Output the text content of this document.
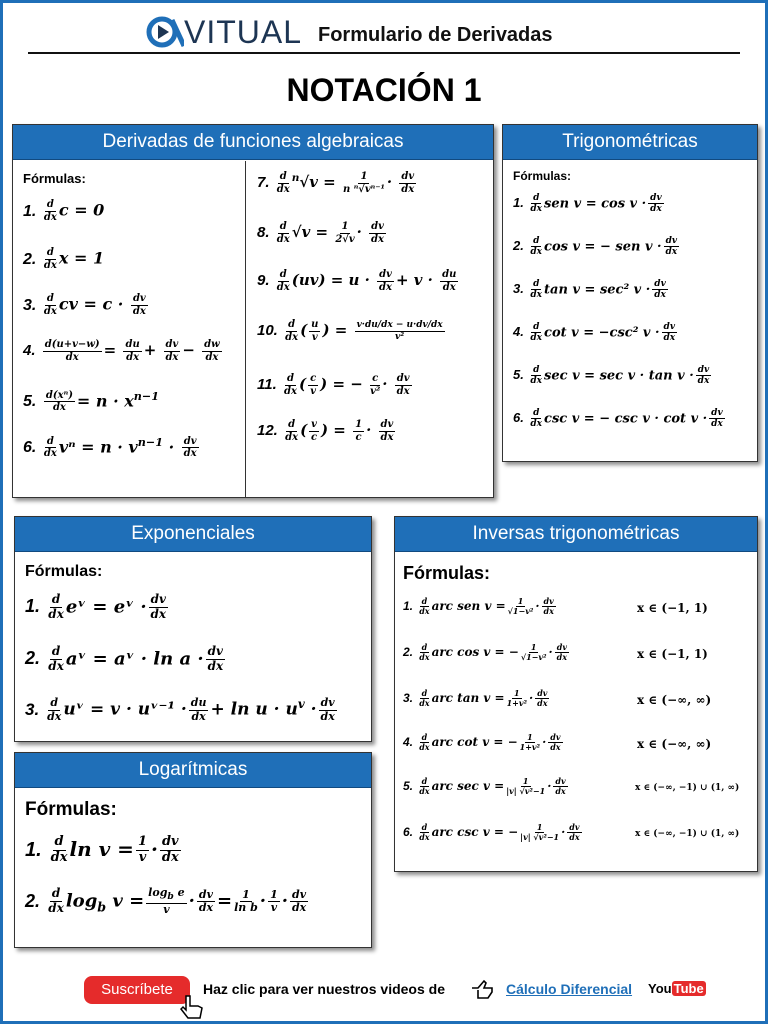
VITUAL Formulario de Derivadas
NOTACIÓN 1
Derivadas de funciones algebraicas
Fórmulas:
1. $\frac{d}{dx}$ c = 0
2. $\frac{d}{dx}$ x = 1
3. $\frac{d}{dx}$ cv = $c \cdot \frac{dv}{dx}$
4. $\frac{d(u+v-w)}{dx} = \frac{du}{dx} + \frac{dv}{dx} - \frac{dw}{dx}$
5. $\frac{\text{d(xⁿ)}}{dx} = n \cdot x^{n-1}$
6. $\frac{d}{dx}$ $v^n = n \cdot v^{n-1} \cdot \frac{dv}{dx}$
7. $\frac{d}{dx} ^n√v = \frac{1}{\text{n ⁿ√vⁿ⁻¹}} \cdot \frac{dv}{dx}$
8. $\frac{d}{dx} √v = \frac{1}{2√v} \cdot \frac{dv}{dx}$
9. $\frac{d}{dx} (uv) = u \cdot \frac{dv}{dx} + v \cdot \frac{du}{dx}$
10. $\frac{d}{dx}$ ( $\frac{u}{v}$ ) = $\frac{v\cdot du/dx - u\cdot dv/dx}{\text{v²}}$
11. $\frac{d}{dx}$ ( $\frac{c}{v}$ ) = − $\frac{c}{\text{v²}} \cdot \frac{dv}{dx}$
12. $\frac{d}{dx}$ ( $\frac{v}{c}$ ) = $\frac{1}{c} \cdot \frac{dv}{dx}$
Trigonométricas
Fórmulas:
1. $\frac{d}{dx}$ sen $v = \cos v \cdot \frac{dv}{dx}$
2. $\frac{d}{dx}$ cos v = − sen $v \cdot \frac{dv}{dx}$
3. $\frac{d}{dx}$ tan v = sec² $v \cdot \frac{dv}{dx}$
4. $\frac{d}{dx}$ cot v = −csc² $v \cdot \frac{dv}{dx}$
5. $\frac{d}{dx}$ $\sec v = \sec v \cdot \tan v \cdot \frac{dv}{dx}$
6. $\frac{d}{dx}$ csc v = − $\csc v \cdot \cot v \cdot \frac{dv}{dx}$
Exponenciales
Fórmulas:
1. $\frac{d}{dx}$ eᵛ = eᵛ · $\frac{dv}{dx}$
2. $\frac{d}{dx}$ aᵛ = aᵛ · $\ln a \cdot \frac{dv}{dx}$
3. $\frac{d}{dx}$ uᵛ = v · uᵛ⁻¹ · $\frac{du}{dx} + \ln u \cdot u^v \cdot \frac{dv}{dx}$
Logarítmicas
Fórmulas:
1. $\frac{d}{dx}$ $\ln v = \frac{1}{v} \cdot \frac{dv}{dx}$
2. $\frac{d}{dx} \log_b v = \frac{\log_b e}{v} \cdot \frac{dv}{dx} = \frac{1}{\text{ln b}} \cdot \frac{1}{v} \cdot \frac{dv}{dx}$
Inversas trigonométricas
Fórmulas:
1. $\frac{d}{dx}$ arc sen $v = \frac{1}{\text{√1−v²}} \cdot \frac{dv}{dx}$	x ∈ (−1, 1)
2. $\frac{d}{dx}$ arc cos v = − $\frac{1}{\text{√1−v²}} \cdot \frac{dv}{dx}$	x ∈ (−1, 1)
3. $\frac{d}{dx}$ arc $\tan v = \frac{1}{\text{1+v²}} \cdot \frac{dv}{dx}$	x ∈ (−∞, ∞)
4. $\frac{d}{dx}$ arc cot v = − $\frac{1}{\text{1+v²}} \cdot \frac{dv}{dx}$	x ∈ (−∞, ∞)
5. $\frac{d}{dx}$ arc $\sec v = \frac{1}{\text{|v| √v²−1}} \cdot \frac{dv}{dx}$	x ∈ (−∞, −1) ∪ (1, ∞)
6. $\frac{d}{dx}$ arc csc v = − $\frac{1}{\text{|v| √v²−1}} \cdot \frac{dv}{dx}$	x ∈ (−∞, −1) ∪ (1, ∞)
Suscríbete	Haz clic para ver nuestros videos de	Cálculo Diferencial You Tube
